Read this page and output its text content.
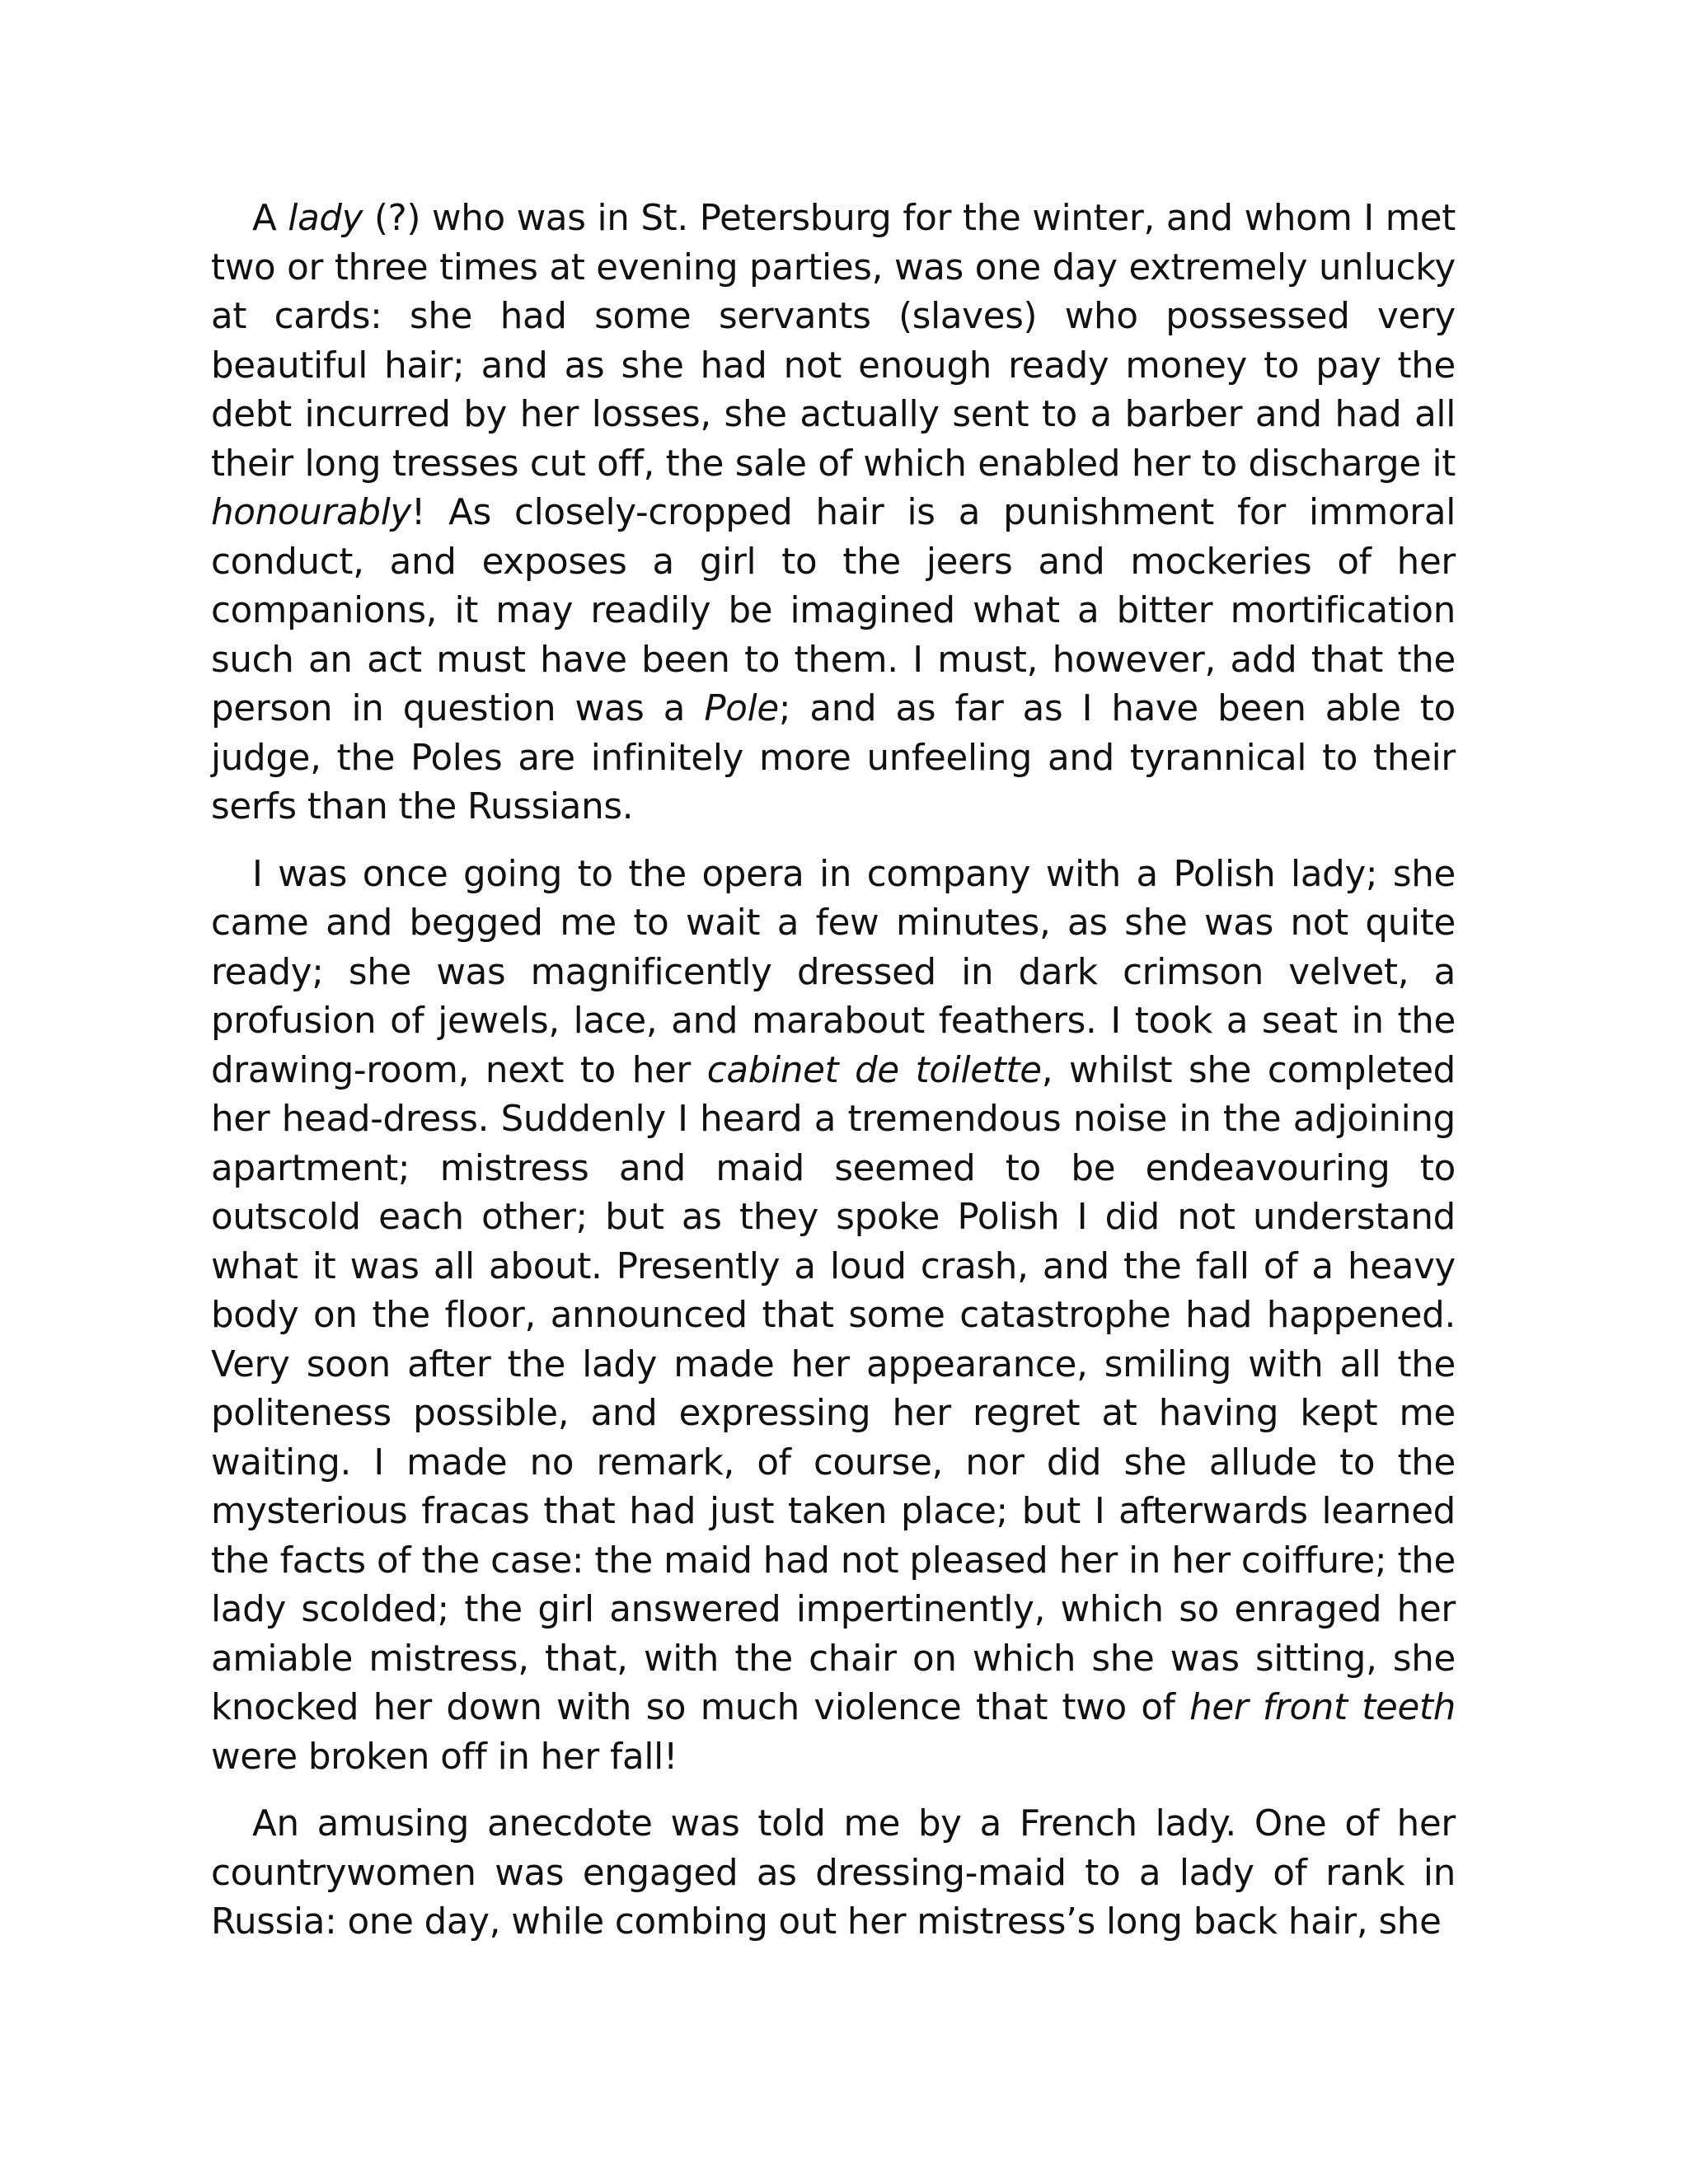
A lady (?) who was in St. Petersburg for the winter, and whom I met two or three times at evening parties, was one day extremely unlucky at cards: she had some servants (slaves) who possessed very beautiful hair; and as she had not enough ready money to pay the debt incurred by her losses, she actually sent to a barber and had all their long tresses cut off, the sale of which enabled her to discharge it honourably! As closely-cropped hair is a punishment for immoral conduct, and exposes a girl to the jeers and mockeries of her companions, it may readily be imagined what a bitter mortification such an act must have been to them. I must, however, add that the person in question was a Pole; and as far as I have been able to judge, the Poles are infinitely more unfeeling and tyrannical to their serfs than the Russians.

I was once going to the opera in company with a Polish lady; she came and begged me to wait a few minutes, as she was not quite ready; she was magnificently dressed in dark crimson velvet, a profusion of jewels, lace, and marabout feathers. I took a seat in the drawing-room, next to her cabinet de toilette, whilst she completed her head-dress. Suddenly I heard a tremendous noise in the adjoining apartment; mistress and maid seemed to be endeavouring to outscold each other; but as they spoke Polish I did not understand what it was all about. Presently a loud crash, and the fall of a heavy body on the floor, announced that some catastrophe had happened. Very soon after the lady made her appearance, smiling with all the politeness possible, and expressing her regret at having kept me waiting. I made no remark, of course, nor did she allude to the mysterious fracas that had just taken place; but I afterwards learned the facts of the case: the maid had not pleased her in her coiffure; the lady scolded; the girl answered impertinently, which so enraged her amiable mistress, that, with the chair on which she was sitting, she knocked her down with so much violence that two of her front teeth were broken off in her fall!

An amusing anecdote was told me by a French lady. One of her countrywomen was engaged as dressing-maid to a lady of rank in Russia: one day, while combing out her mistress’s long back hair, she
